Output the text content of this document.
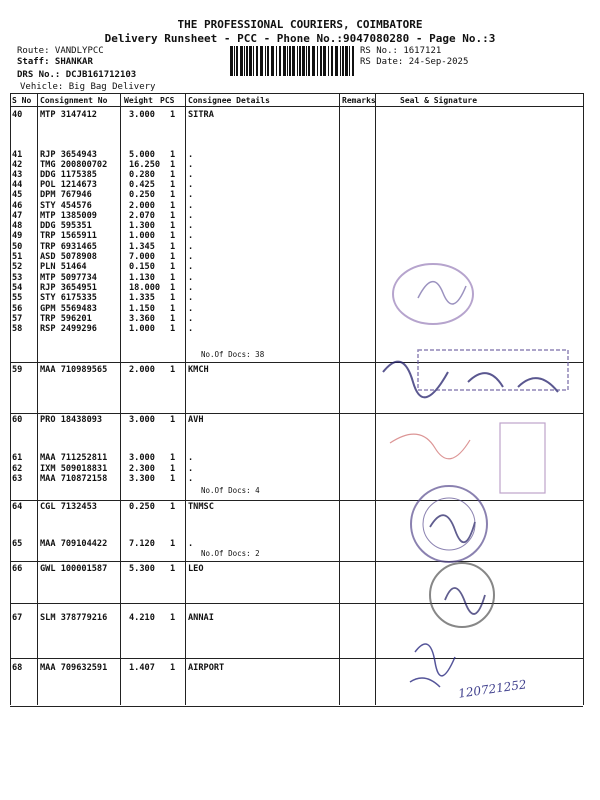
THE PROFESSIONAL COURIERS, COIMBATORE
Delivery Runsheet - PCC - Phone No.:9047080280 - Page No.:3
Route: VANDLYPCC
Staff: SHANKAR
DRS No.: DCJB161712103
Vehicle: Big Bag Delivery
RS No.: 1617121
RS Date: 24-Sep-2025
S No Consignment No Weight PCS Consignee Details	Remarks	Seal & Signature
40 MTP 3147412	3.000 1 SITRA
41 RJP 3654943	5.000 1 .
42 TMG 200800702	16.250 1 .
43 DDG 1175385	0.280 1 .
44 POL 1214673	0.425 1 .
45 DPM 767946	0.250 1 .
46 STY 454576	2.000 1 .
47 MTP 1385009	2.070 1 .
48 DDG 595351	1.300 1 .
49 TRP 1565911	1.000 1 .
50 TRP 6931465	1.345 1 .
51 ASD 5078908	7.000 1 .
52 PLN 51464	0.150 1 .
53 MTP 5097734	1.130 1 .
54 RJP 3654951	18.000 1 .
55 STY 6175335	1.335 1 .
56 GPM 5569483	1.150 1 .
57 TRP 596201	3.360 1 .
58 RSP 2499296	1.000 1 .
59 MAA 710989565	2.000 1 KMCH
60 PRO 18438093	3.000 1 AVH
61 MAA 711252811	3.000 1 .
62 IXM 509018831	2.300 1 .
63 MAA 710872158	3.300 1 .
64 CGL 7132453	0.250 1 TNMSC
65 MAA 709104422	7.120 1 .
66 GWL 100001587	5.300 1 LEO
67 SLM 378779216	4.210 1 ANNAI
68 MAA 709632591	1.407 1 AIRPORT
No.Of Docs: 38
No.Of Docs: 4
No.Of Docs: 2
120721252
